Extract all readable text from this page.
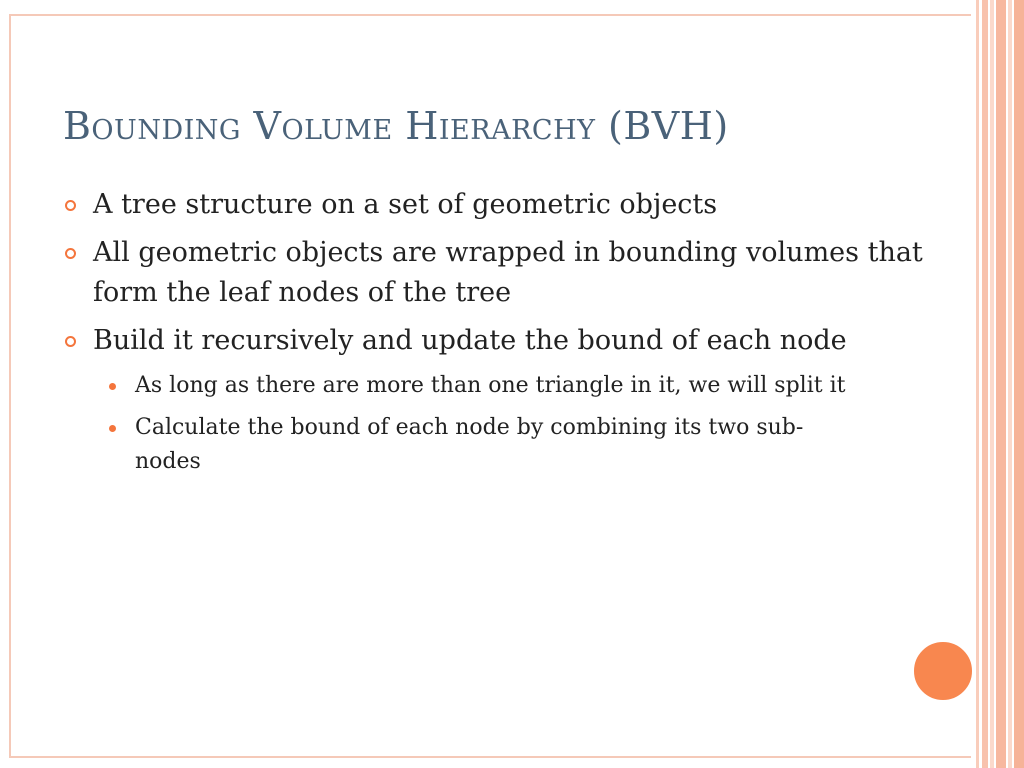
Bounding Volume Hierarchy (BVH)
A tree structure on a set of geometric objects
All geometric objects are wrapped in bounding volumes that form the leaf nodes of the tree
Build it recursively and update the bound of each node
As long as there are more than one triangle in it, we will split it
Calculate the bound of each node by combining its two sub-nodes
